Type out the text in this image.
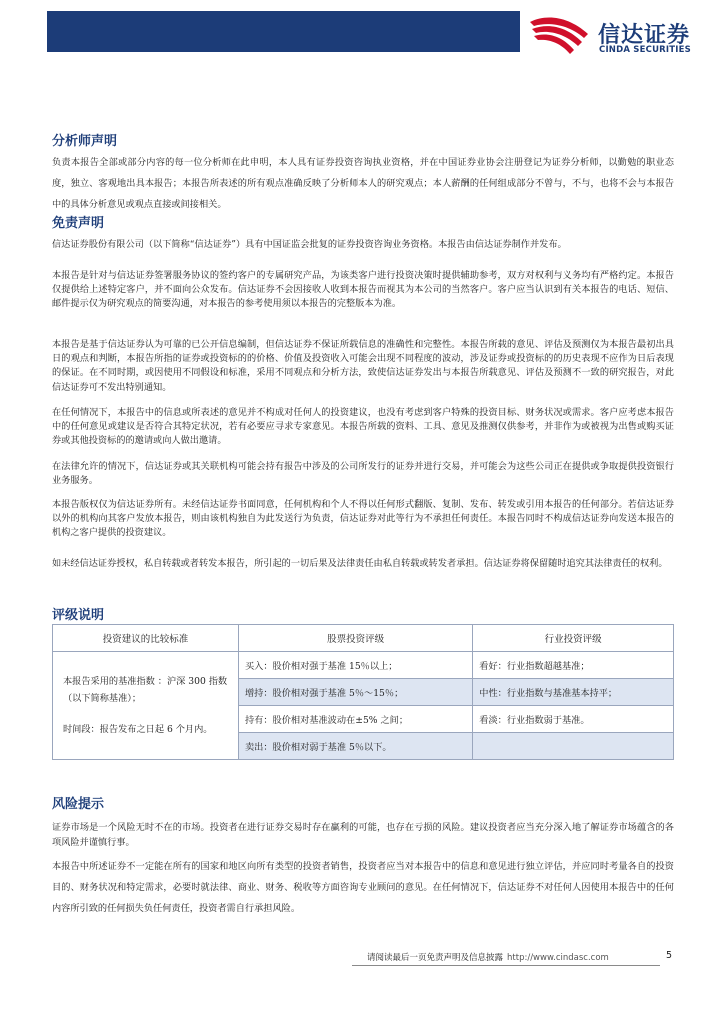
信达证券
CINDA SECURITIES
分析师声明
负责本报告全部或部分内容的每一位分析师在此申明，本人具有证券投资咨询执业资格，并在中国证券业协会注册登记为证券分析师，以勤勉的职业态度，独立、客观地出具本报告；本报告所表述的所有观点准确反映了分析师本人的研究观点；本人薪酬的任何组成部分不曾与，不与，也将不会与本报告中的具体分析意见或观点直接或间接相关。
免责声明
信达证券股份有限公司（以下简称“信达证券”）具有中国证监会批复的证券投资咨询业务资格。本报告由信达证券制作并发布。
本报告是针对与信达证券签署服务协议的签约客户的专属研究产品，为该类客户进行投资决策时提供辅助参考，双方对权利与义务均有严格约定。本报告仅提供给上述特定客户，并不面向公众发布。信达证券不会因接收人收到本报告而视其为本公司的当然客户。客户应当认识到有关本报告的电话、短信、邮件提示仅为研究观点的简要沟通，对本报告的参考使用须以本报告的完整版本为准。
本报告是基于信达证券认为可靠的已公开信息编制，但信达证券不保证所载信息的准确性和完整性。本报告所载的意见、评估及预测仅为本报告最初出具日的观点和判断，本报告所指的证券或投资标的的价格、价值及投资收入可能会出现不同程度的波动，涉及证券或投资标的的历史表现不应作为日后表现的保证。在不同时期，或因使用不同假设和标准，采用不同观点和分析方法，致使信达证券发出与本报告所载意见、评估及预测不一致的研究报告，对此信达证券可不发出特别通知。
在任何情况下，本报告中的信息或所表述的意见并不构成对任何人的投资建议，也没有考虑到客户特殊的投资目标、财务状况或需求。客户应考虑本报告中的任何意见或建议是否符合其特定状况，若有必要应寻求专家意见。本报告所载的资料、工具、意见及推测仅供参考，并非作为或被视为出售或购买证券或其他投资标的的邀请或向人做出邀请。
在法律允许的情况下，信达证券或其关联机构可能会持有报告中涉及的公司所发行的证券并进行交易，并可能会为这些公司正在提供或争取提供投资银行业务服务。
本报告版权仅为信达证券所有。未经信达证券书面同意，任何机构和个人不得以任何形式翻版、复制、发布、转发或引用本报告的任何部分。若信达证券以外的机构向其客户发放本报告，则由该机构独自为此发送行为负责，信达证券对此等行为不承担任何责任。本报告同时不构成信达证券向发送本报告的机构之客户提供的投资建议。
如未经信达证券授权，私自转载或者转发本报告，所引起的一切后果及法律责任由私自转载或转发者承担。信达证券将保留随时追究其法律责任的权利。
评级说明
投资建议的比较标准	股票投资评级	行业投资评级

本报告采用的基准指数 ：沪深 300 指数（以下简称基准）；
时间段：报告发布之日起 6 个月内。	买入：股价相对强于基准 15％以上；	看好：行业指数超越基准；
	增持：股价相对强于基准 5％～15％；	中性：行业指数与基准基本持平；
	持有：股价相对基准波动在±5% 之间；	看淡：行业指数弱于基准。
	卖出：股价相对弱于基准 5％以下。	
风险提示
证券市场是一个风险无时不在的市场。投资者在进行证券交易时存在赢利的可能，也存在亏损的风险。建议投资者应当充分深入地了解证券市场蕴含的各项风险并谨慎行事。
本报告中所述证券不一定能在所有的国家和地区向所有类型的投资者销售，投资者应当对本报告中的信息和意见进行独立评估，并应同时考量各自的投资目的、财务状况和特定需求，必要时就法律、商业、财务、税收等方面咨询专业顾问的意见。在任何情况下，信达证券不对任何人因使用本报告中的任何内容所引致的任何损失负任何责任，投资者需自行承担风险。
请阅读最后一页免责声明及信息披露 http://www.cindasc.com	5
